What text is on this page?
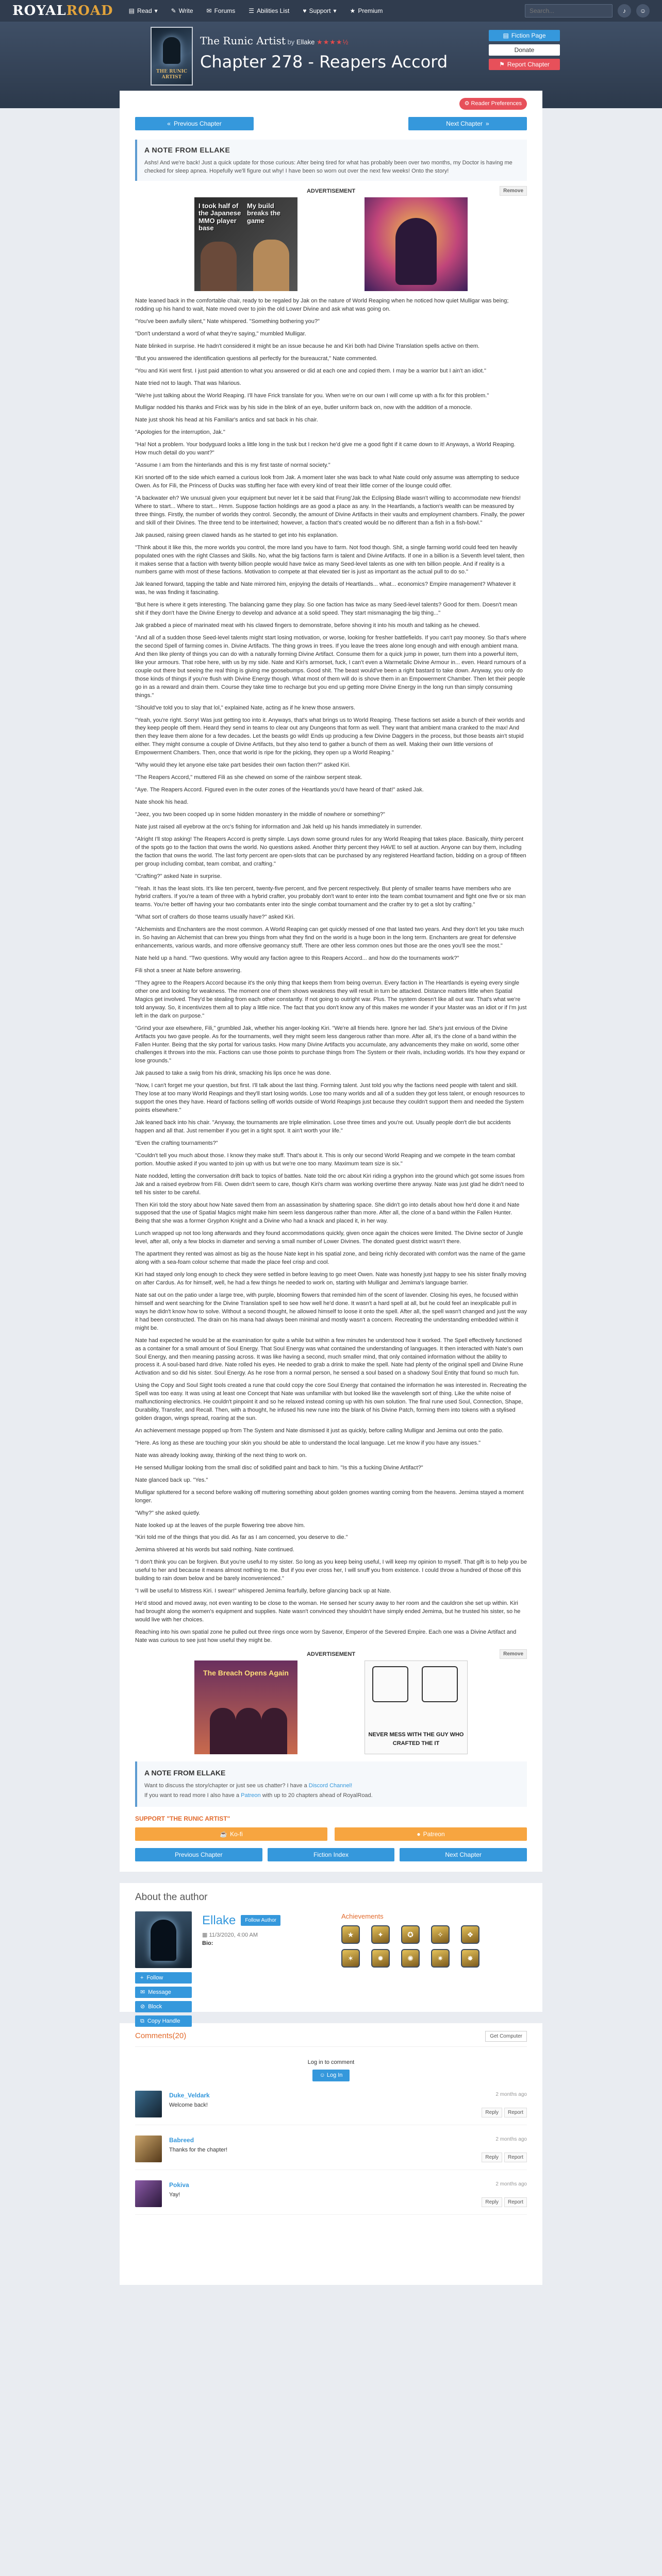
ROYALROAD	▤ Read ▾ ✎ Write ✉ Forums ☰ Abilities List ♥ Support ▾ ★ Premium
Search...	♪	☺
THE RUNIC ARTIST
The Runic Artist by Ellake ★★★★½
Chapter 278 - Reapers Accord
▤ Fiction Page
Donate
⚑ Report Chapter
⚙ Reader Preferences
« Previous Chapter	Next Chapter »
A NOTE FROM ELLAKE

Ashs! And we're back! Just a quick update for those curious: After being tired for what has probably been over two months, my Doctor is having me checked for sleep apnea. Hopefully we'll figure out why! I have been so worn out over the next few weeks! Onto the story!

ADVERTISEMENT	Remove
I took half of the Japanese MMO player base
My build breaks the game

Nate leaned back in the comfortable chair, ready to be regaled by Jak on the nature of World Reaping when he noticed how quiet Mulligar was being; rodding up his hand to wait, Nate moved over to join the old Lower Divine and ask what was going on.

"You've been awfully silent," Nate whispered. "Something bothering you?"

"Don't understand a word of what they're saying," mumbled Mulligar.

Nate blinked in surprise. He hadn't considered it might be an issue because he and Kiri both had Divine Translation spells active on them.

"But you answered the identification questions all perfectly for the bureaucrat," Nate commented.

"You and Kiri went first. I just paid attention to what you answered or did at each one and copied them. I may be a warrior but I ain't an idiot."

Nate tried not to laugh. That was hilarious.

"We're just talking about the World Reaping. I'll have Frick translate for you. When we're on our own I will come up with a fix for this problem."

Mulligar nodded his thanks and Frick was by his side in the blink of an eye, butler uniform back on, now with the addition of a monocle.

Nate just shook his head at his Familiar's antics and sat back in his chair.

"Apologies for the interruption, Jak."

"Ha! Not a problem. Your bodyguard looks a little long in the tusk but I reckon he'd give me a good fight if it came down to it! Anyways, a World Reaping. How much detail do you want?"

"Assume I am from the hinterlands and this is my first taste of normal society."

Kiri snorted off to the side which earned a curious look from Jak. A moment later she was back to what Nate could only assume was attempting to seduce Owen. As for Fili, the Princess of Ducks was stuffing her face with every kind of treat their little corner of the lounge could offer.

"A backwater eh? We unusual given your equipment but never let it be said that Frung'Jak the Eclipsing Blade wasn't willing to accommodate new friends! Where to start... Where to start... Hmm. Suppose faction holdings are as good a place as any. In the Heartlands, a faction's wealth can be measured by three things. Firstly, the number of worlds they control. Secondly, the amount of Divine Artifacts in their vaults and employment chambers. Finally, the power and skill of their Divines. The three tend to be intertwined; however, a faction that's created would be no different than a fish in a fish-bowl."

Jak paused, raising green clawed hands as he started to get into his explanation.

"Think about it like this, the more worlds you control, the more land you have to farm. Not food though. Shit, a single farming world could feed ten heavily populated ones with the right Classes and Skills. No, what the big factions farm is talent and Divine Artifacts. If one in a billion is a Seventh level talent, then it makes sense that a faction with twenty billion people would have twice as many Seed-level talents as one with ten billion people. And if reality is a numbers game with most of these factions. Motivation to compete at that elevated tier is just as important as the actual pull to do so."

Jak leaned forward, tapping the table and Nate mirrored him, enjoying the details of Heartlands... what... economics? Empire management? Whatever it was, he was finding it fascinating.

"But here is where it gets interesting. The balancing game they play. So one faction has twice as many Seed-level talents? Good for them. Doesn't mean shit if they don't have the Divine Energy to develop and advance at a solid speed. They start mismanaging the big thing..."

Jak grabbed a piece of marinated meat with his clawed fingers to demonstrate, before shoving it into his mouth and talking as he chewed.

"And all of a sudden those Seed-level talents might start losing motivation, or worse, looking for fresher battlefields. If you can't pay mooney. So that's where the second Spell of farming comes in. Divine Artifacts. The thing grows in trees. If you leave the trees alone long enough and with enough ambient mana. And then like plenty of things you can do with a naturally forming Divine Artifact. Consume them for a quick jump in power, turn them into a powerful item, like your armours. That robe here, with us by my side. Nate and Kiri's armorset, fuck, I can't even a Warmetalic Divine Armour in... even. Heard rumours of a couple out there but seeing the real thing is giving me goosebumps. Good shit. The beast would've been a right bastard to take down. Anyway, you only do those kinds of things if you're flush with Divine Energy though. What most of them will do is shove them in an Empowerment Chamber. Then let their people go in as a reward and drain them. Course they take time to recharge but you end up getting more Divine Energy in the long run than simply consuming things."

"Should've told you to slay that lol," explained Nate, acting as if he knew those answers.

"Yeah, you're right. Sorry! Was just getting too into it. Anyways, that's what brings us to World Reaping. These factions set aside a bunch of their worlds and they keep people off them. Heard they send in teams to clear out any Dungeons that form as well. They want that ambient mana cranked to the max! And then they leave them alone for a few decades. Let the beasts go wild! Ends up producing a few Divine Daggers in the process, but those beasts ain't stupid either. They might consume a couple of Divine Artifacts, but they also tend to gather a bunch of them as well. Making their own little versions of Empowerment Chambers. Then, once that world is ripe for the picking, they open up a World Reaping."

"Why would they let anyone else take part besides their own faction then?" asked Kiri.

"The Reapers Accord," muttered Fili as she chewed on some of the rainbow serpent steak.

"Aye. The Reapers Accord. Figured even in the outer zones of the Heartlands you'd have heard of that!" asked Jak.

Nate shook his head.

"Jeez, you two been cooped up in some hidden monastery in the middle of nowhere or something?"

Nate just raised all eyebrow at the orc's fishing for information and Jak held up his hands immediately in surrender.

"Alright I'll stop asking! The Reapers Accord is pretty simple. Lays down some ground rules for any World Reaping that takes place. Basically, thirty percent of the spots go to the faction that owns the world. No questions asked. Another thirty percent they HAVE to sell at auction. Anyone can buy them, including the faction that owns the world. The last forty percent are open-slots that can be purchased by any registered Heartland faction, bidding on a group of fifteen per group including combat, team combat, and crafting."

"Crafting?" asked Nate in surprise.

"Yeah. It has the least slots. It's like ten percent, twenty-five percent, and five percent respectively. But plenty of smaller teams have members who are hybrid crafters. If you're a team of three with a hybrid crafter, you probably don't want to enter into the team combat tournament and fight one five or six man teams. You're better off having your two combatants enter into the single combat tournament and the crafter try to get a slot by crafting."

"What sort of crafters do those teams usually have?" asked Kiri.

"Alchemists and Enchanters are the most common. A World Reaping can get quickly messed of one that lasted two years. And they don't let you take much in. So having an Alchemist that can brew you things from what they find on the world is a huge boon in the long term. Enchanters are great for defensive enhancements, various wards, and more offensive geomancy stuff. There are other less common ones but those are the ones you'll see the most."

Nate held up a hand. "Two questions. Why would any faction agree to this Reapers Accord... and how do the tournaments work?"

Fili shot a sneer at Nate before answering.

"They agree to the Reapers Accord because it's the only thing that keeps them from being overrun. Every faction in The Heartlands is eyeing every single other one and looking for weakness. The moment one of them shows weakness they will result in turn be attacked. Distance matters little when Spatial Magics get involved. They'd be stealing from each other constantly. If not going to outright war. Plus. The system doesn't like all out war. That's what we're told anyway. So, it incentivizes them all to play a little nice. The fact that you don't know any of this makes me wonder if your Master was an idiot or if I'm just left in the dark on purpose."

"Grind your axe elsewhere, Fili," grumbled Jak, whether his anger-looking Kiri. "We're all friends here. Ignore her lad. She's just envious of the Divine Artifacts you two gave people. As for the tournaments, well they might seem less dangerous rather than more. After all, it's the clone of a band within the Fallen Hunter. Being that the sky portal for various tasks. How many Divine Artifacts you accumulate, any advancements they make on world, some other challenges it throws into the mix. Factions can use those points to purchase things from The System or their rivals, including worlds. It's how they expand or lose grounds."

Jak paused to take a swig from his drink, smacking his lips once he was done.

"Now, I can't forget me your question, but first. I'll talk about the last thing. Forming talent. Just told you why the factions need people with talent and skill. They lose at too many World Reapings and they'll start losing worlds. Lose too many worlds and all of a sudden they got less talent, or enough resources to support the ones they have. Heard of factions selling off worlds outside of World Reapings just because they couldn't support them and needed the System points elsewhere."

Jak leaned back into his chair. "Anyway, the tournaments are triple elimination. Lose three times and you're out. Usually people don't die but accidents happen and all that. Just remember if you get in a tight spot. It ain't worth your life."

"Even the crafting tournaments?"

"Couldn't tell you much about those. I know they make stuff. That's about it. This is only our second World Reaping and we compete in the team combat portion. Mouthie asked if you wanted to join up with us but we're one too many. Maximum team size is six."

Nate nodded, letting the conversation drift back to topics of battles. Nate told the orc about Kiri riding a gryphon into the ground which got some issues from Jak and a raised eyebrow from Fili. Owen didn't seem to care, though Kiri's charm was working overtime there anyway. Nate was just glad he didn't need to tell his sister to be careful.

Then Kiri told the story about how Nate saved them from an assassination by shattering space. She didn't go into details about how he'd done it and Nate supposed that the use of Spatial Magics might make him seem less dangerous rather than more. After all, the clone of a band within the Fallen Hunter. Being that she was a former Gryphon Knight and a Divine who had a knack and placed it, in her way.

Lunch wrapped up not too long afterwards and they found accommodations quickly, given once again the choices were limited. The Divine sector of Jungle level, after all, only a few blocks in diameter and serving a small number of Lower Divines. The donated guest district wasn't there.

The apartment they rented was almost as big as the house Nate kept in his spatial zone, and being richly decorated with comfort was the name of the game along with a sea-foam colour scheme that made the place feel crisp and cool.

Kiri had stayed only long enough to check they were settled in before leaving to go meet Owen. Nate was honestly just happy to see his sister finally moving on after Cardus. As for himself, well, he had a few things he needed to work on, starting with Mulligar and Jemima's language barrier.

Nate sat out on the patio under a large tree, with purple, blooming flowers that reminded him of the scent of lavender. Closing his eyes, he focused within himself and went searching for the Divine Translation spell to see how well he'd done. It wasn't a hard spell at all, but he could feel an inexplicable pull in ways he didn't know how to solve. Without a second thought, he allowed himself to loose it onto the spell. After all, the spell wasn't changed and just the way it had been constructed. The drain on his mana had always been minimal and mostly wasn't a concern. Recreating the understanding embedded within it might be.

Nate had expected he would be at the examination for quite a while but within a few minutes he understood how it worked. The Spell effectively functioned as a container for a small amount of Soul Energy. That Soul Energy was what contained the understanding of languages. It then interacted with Nate's own Soul Energy, and then meaning passing across. It was like having a second, much smaller mind, that only contained information without the ability to process it. A soul-based hard drive. Nate rolled his eyes. He needed to grab a drink to make the spell. Nate had plenty of the original spell and Divine Rune Activation and so did his sister. Soul Energy. As he rose from a normal person, he sensed a soul based on a shadowy Soul Entity that found so much fun.

Using the Copy and Soul Sight tools created a rune that could copy the core Soul Energy that contained the information he was interested in. Recreating the Spell was too easy. It was using at least one Concept that Nate was unfamiliar with but looked like the wavelength sort of thing. Like the white noise of malfunctioning electronics. He couldn't pinpoint it and so he relaxed instead coming up with his own solution. The final rune used Soul, Connection, Shape, Durability, Transfer, and Recall. Then, with a thought, he infused his new rune into the blank of his Divine Patch, forming them into tokens with a stylised golden dragon, wings spread, roaring at the sun.

An achievement message popped up from The System and Nate dismissed it just as quickly, before calling Mulligar and Jemima out onto the patio.

"Here. As long as these are touching your skin you should be able to understand the local language. Let me know if you have any issues."

Nate was already looking away, thinking of the next thing to work on.

He sensed Mulligar looking from the small disc of solidified paint and back to him. "Is this a fucking Divine Artifact?"

Nate glanced back up. "Yes."

Mulligar spluttered for a second before walking off muttering something about golden gnomes wanting coming from the heavens. Jemima stayed a moment longer.

"Why?" she asked quietly.

Nate looked up at the leaves of the purple flowering tree above him.

"Kiri told me of the things that you did. As far as I am concerned, you deserve to die."

Jemima shivered at his words but said nothing. Nate continued.

"I don't think you can be forgiven. But you're useful to my sister. So long as you keep being useful, I will keep my opinion to myself. That gift is to help you be useful to her and because it means almost nothing to me. But if you ever cross her, I will snuff you from existence. I could throw a hundred of those off this building to rain down below and be barely inconvenienced."

"I will be useful to Mistress Kiri. I swear!" whispered Jemima fearfully, before glancing back up at Nate.

He'd stood and moved away, not even wanting to be close to the woman. He sensed her scurry away to her room and the cauldron she set up within. Kiri had brought along the women's equipment and supplies. Nate wasn't convinced they shouldn't have simply ended Jemima, but he trusted his sister, so he would live with her choices.

Reaching into his own spatial zone he pulled out three rings once worn by Savenor, Emperor of the Severed Empire. Each one was a Divine Artifact and Nate was curious to see just how useful they might be.

ADVERTISEMENT	Remove
The Breach Opens Again
NEVER MESS WITH THE GUY WHO CRAFTED THE IT
A NOTE FROM ELLAKE

Want to discuss the story/chapter or just see us chatter? I have a Discord Channel!

If you want to read more I also have a Patreon with up to 20 chapters ahead of RoyalRoad.

SUPPORT "THE RUNIC ARTIST"
☕ Ko-fi	● Patreon
Previous Chapter	Fiction Index	Next Chapter
About the author
Ellake	Follow Author
▦ 11/3/2020, 4:00 AM
Bio:
Achievements
★	✦	✪	✧	❖
✶	✹	✺	✷	✸
+ Follow
✉ Message
⊘ Block
⧉ Copy Handle
Comments(20)	Get Computer

Log in to comment

☺ Log In
Duke_Veldark
Welcome back!
2 months ago
Reply	Report
Babreed
Thanks for the chapter!
2 months ago
Reply	Report
Pokiva
Yay!
2 months ago
Reply	Report
